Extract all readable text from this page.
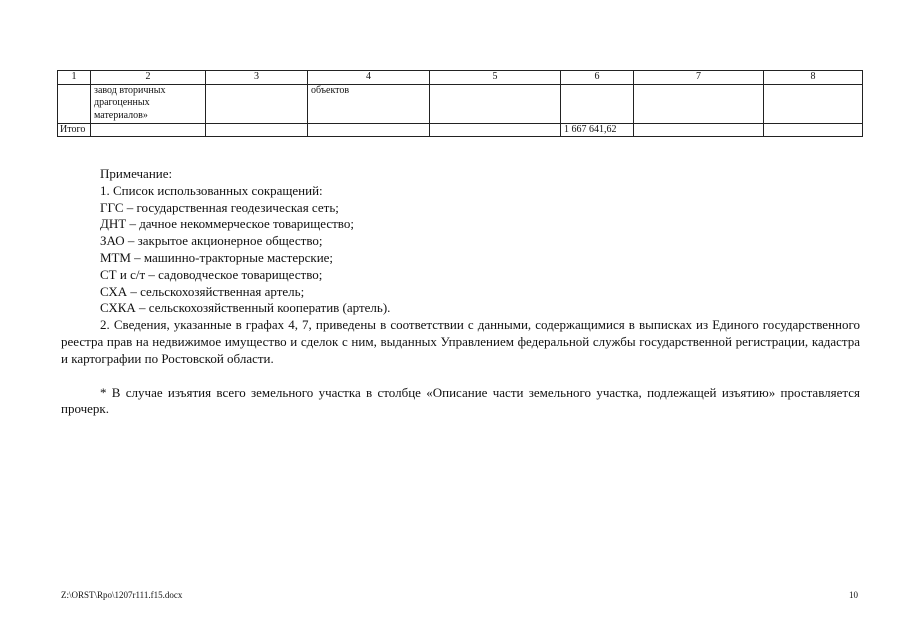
1	2	3	4	5	6	7	8
	завод вторичных драгоценных материалов»		объектов				
Итого					1 667 641,62		

Примечание:

1. Список использованных сокращений:

ГГС – государственная геодезическая сеть;

ДНТ – дачное некоммерческое товарищество;

ЗАО – закрытое акционерное общество;

МТМ – машинно-тракторные мастерские;

СТ и с/т – садоводческое товарищество;

СХА – сельскохозяйственная артель;

СХКА – сельскохозяйственный кооператив (артель).

2. Сведения, указанные в графах 4, 7, приведены в соответствии с данными, содержащимися в выписках из Единого государственного реестра прав на недвижимое имущество и сделок с ним, выданных Управлением федеральной службы государственной регистрации, кадастра и картографии по Ростовской области.

* В случае изъятия всего земельного участка в столбце «Описание части земельного участка, подлежащей изъятию» проставляется прочерк.

Z:\ORST\Rpo\1207r111.f15.docx	10
